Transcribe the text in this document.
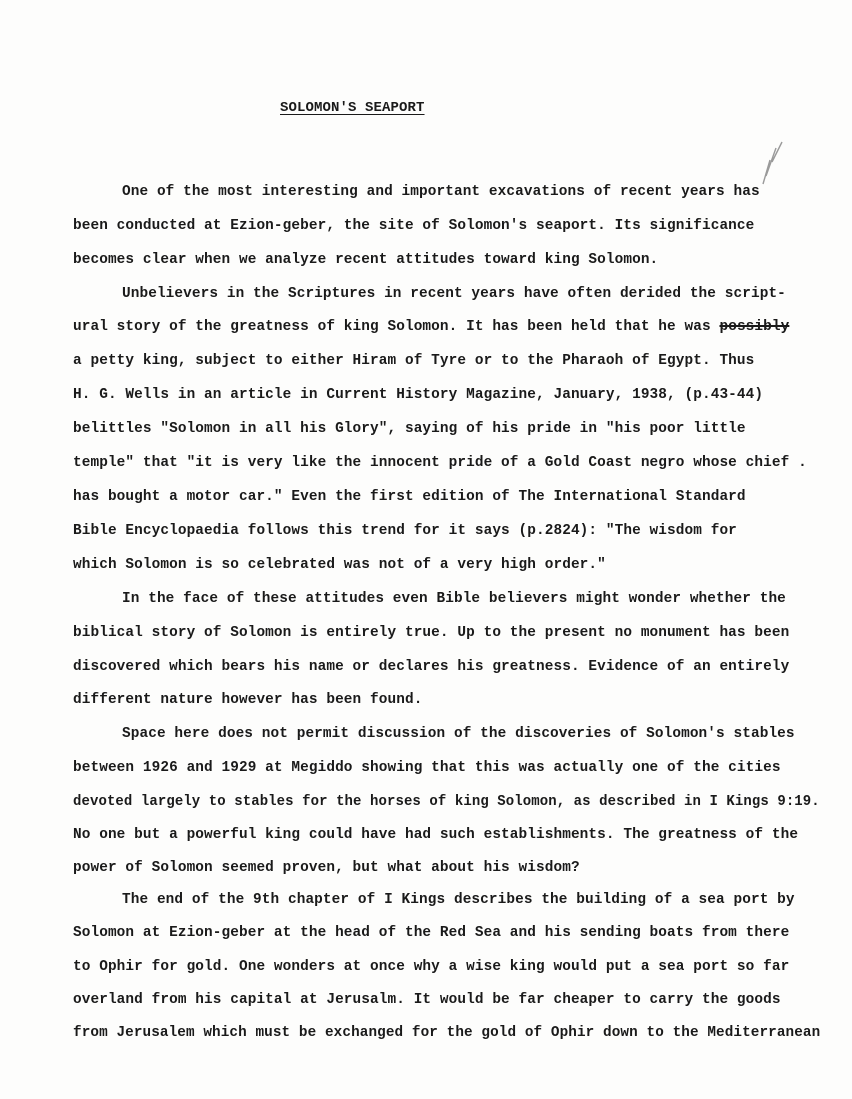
SOLOMON'S SEAPORT
One of the most interesting and important excavations of recent years has
been conducted at Ezion-geber, the site of Solomon's seaport. Its significance
becomes clear when we analyze recent attitudes toward king Solomon.
Unbelievers in the Scriptures in recent years have often derided the script-
ural story of the greatness of king Solomon. It has been held that he was possibly
a petty king, subject to either Hiram of Tyre or to the Pharaoh of Egypt. Thus
H. G. Wells in an article in Current History Magazine, January, 1938, (p.43-44)
belittles "Solomon in all his Glory", saying of his pride in "his poor little
temple" that "it is very like the innocent pride of a Gold Coast negro whose chief .
has bought a motor car." Even the first edition of The International Standard
Bible Encyclopaedia follows this trend for it says (p.2824): "The wisdom for
which Solomon is so celebrated was not of a very high order."
In the face of these attitudes even Bible believers might wonder whether the
biblical story of Solomon is entirely true. Up to the present no monument has been
discovered which bears his name or declares his greatness. Evidence of an entirely
different nature however has been found.
Space here does not permit discussion of the discoveries of Solomon's stables
between 1926 and 1929 at Megiddo showing that this was actually one of the cities
devoted largely to stables for the horses of king Solomon, as described in I Kings 9:19.
No one but a powerful king could have had such establishments. The greatness of the
power of Solomon seemed proven, but what about his wisdom?
The end of the 9th chapter of I Kings describes the building of a sea port by
Solomon at Ezion-geber at the head of the Red Sea and his sending boats from there
to Ophir for gold. One wonders at once why a wise king would put a sea port so far
overland from his capital at Jerusalm. It would be far cheaper to carry the goods
from Jerusalem which must be exchanged for the gold of Ophir down to the Mediterranean
